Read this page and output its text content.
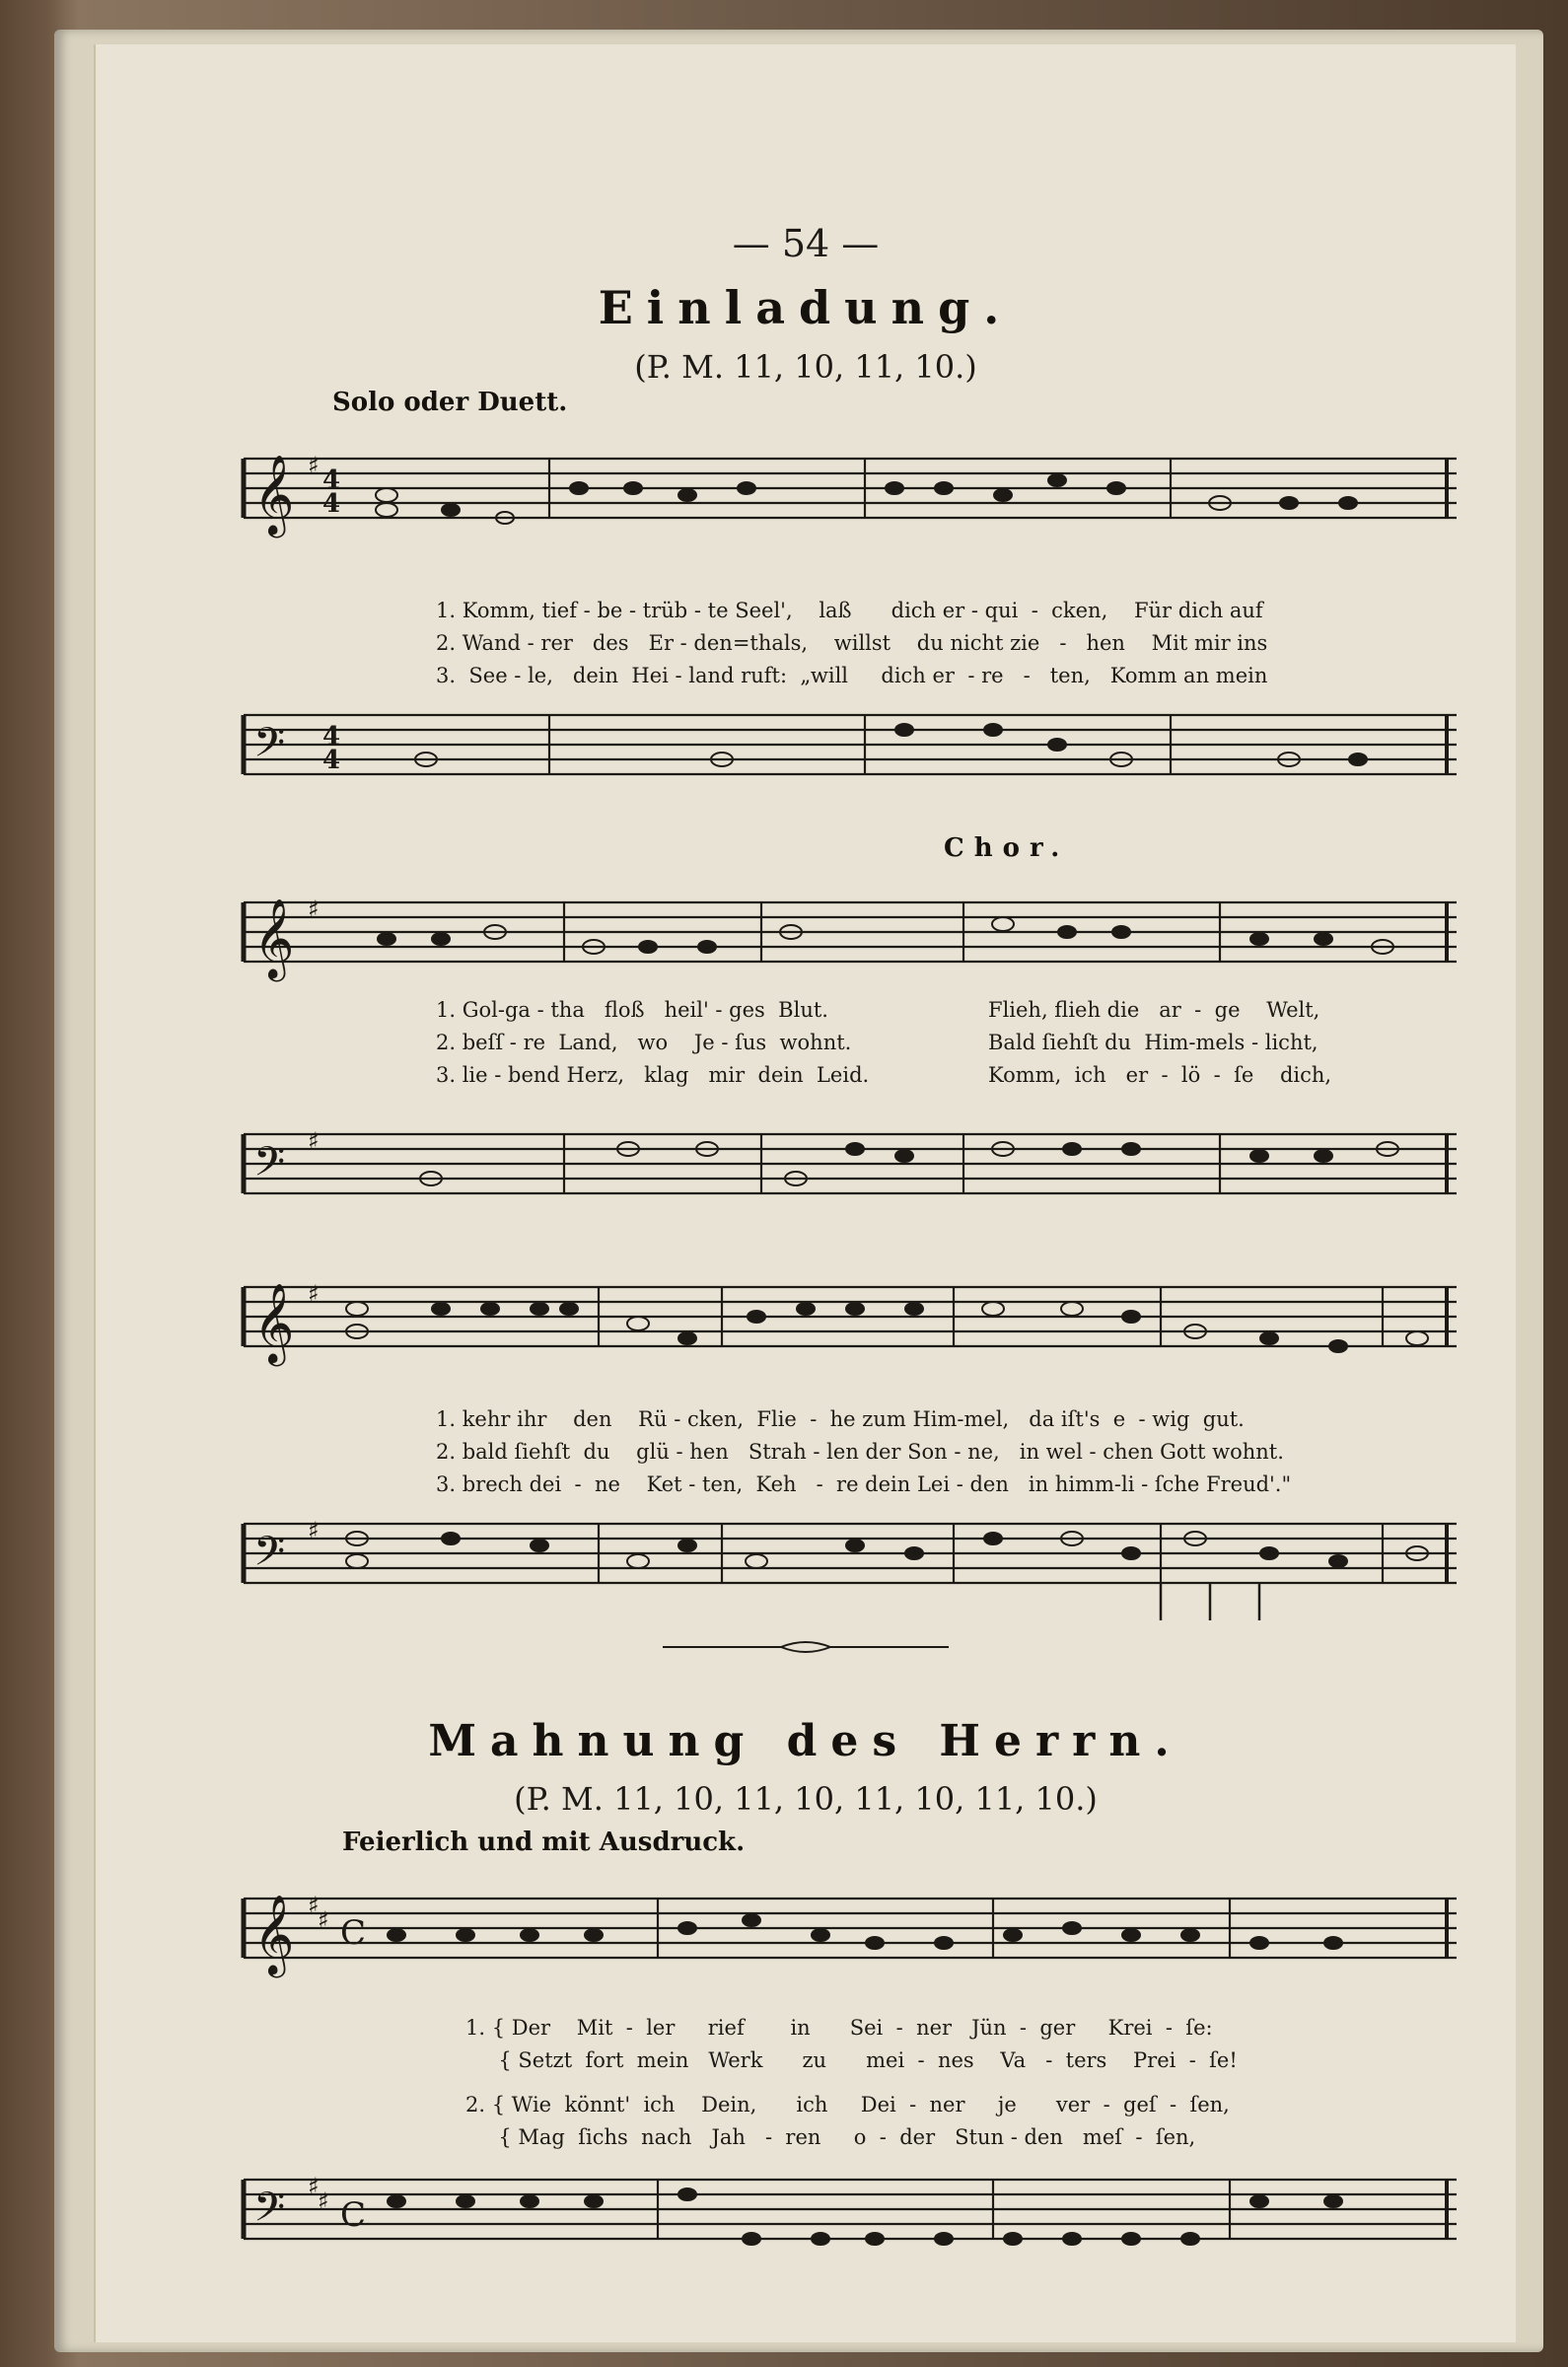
— 54 —
Einladung.
(P. M. 11, 10, 11, 10.)
Solo oder Duett.
𝄞 ♯ 4
4
1. Komm, tief - be - trüb - te Seel',    laß      dich er - qui  -  cken,    Für dich auf
2. Wand - rer   des   Er - den=thals,    willst    du nicht zie   -   hen    Mit mir ins
3.  See - le,   dein  Hei - land ruft:  „will     dich er  - re   -   ten,   Komm an mein
𝄢 4
4
Chor.
𝄞 ♯
1. Gol-ga - tha   floß   heil' - ges  Blut.
2. beſſ - re  Land,   wo    Je - ſus  wohnt.
3. lie - bend Herz,   klag   mir  dein  Leid.
Flieh, flieh die   ar  -  ge    Welt,
Bald ſiehſt du  Him-mels - licht,
Komm,  ich   er  -  lö  -  ſe    dich,
𝄢 ♯
𝄞 ♯
1. kehr ihr    den    Rü - cken,  Flie  -  he zum Him-mel,   da iſt's  e  - wig  gut.
2. bald ſiehſt  du    glü - hen   Strah - len der Son - ne,   in wel - chen Gott wohnt.
3. brech dei  -  ne    Ket - ten,  Keh   -  re dein Lei - den   in himm-li - ſche Freud'."
𝄢 ♯
Mahnung des Herrn.
(P. M. 11, 10, 11, 10, 11, 10, 11, 10.)
Feierlich und mit Ausdruck.
𝄞 ♯
♯ C
1. { Der    Mit  -  ler     rief       in      Sei  -  ner   Jün  -  ger     Krei  -  ſe:
{ Setzt  fort  mein   Werk      zu      mei  -  nes    Va   -  ters    Prei  -  ſe!
2. { Wie  könnt'  ich    Dein,      ich     Dei  -  ner     je      ver  -  geſ  -  ſen,
{ Mag  ſichs  nach   Jah   -  ren     o  -  der   Stun - den   meſ  -  ſen,
𝄢 ♯
♯ C
